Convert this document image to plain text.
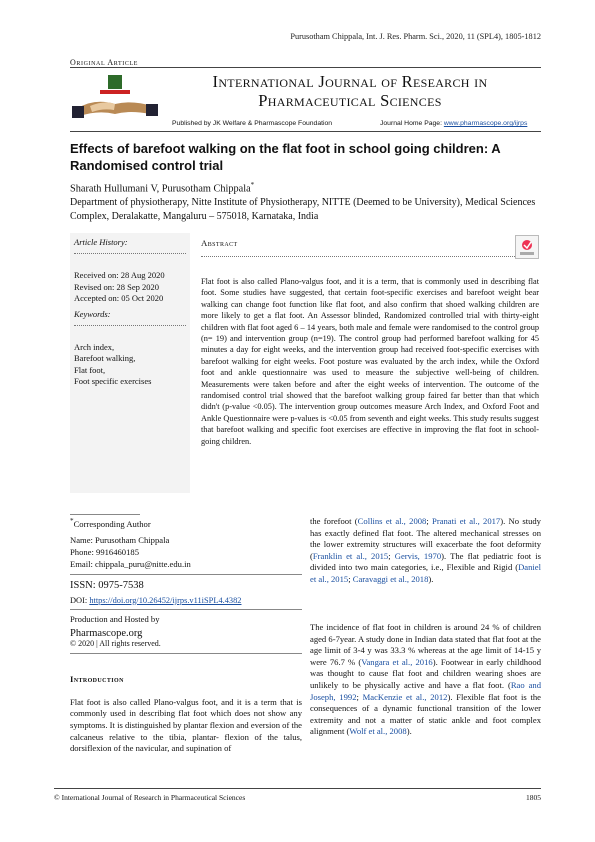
Purusotham Chippala, Int. J. Res. Pharm. Sci., 2020, 11 (SPL4), 1805-1812
Original Article
International Journal of Research in
Pharmaceutical Sciences
Published by JK Welfare & Pharmascope Foundation	Journal Home Page: www.pharmascope.org/ijrps
Effects of barefoot walking on the flat foot in school going children: A Randomised control trial
Sharath Hullumani V, Purusotham Chippala*
Department of physiotherapy, Nitte Institute of Physiotherapy, NITTE (Deemed to be University), Medical Sciences Complex, Deralakatte, Mangaluru – 575018, Karnataka, India
Article History:
Received on: 28 Aug 2020
Revised on: 28 Sep 2020
Accepted on: 05 Oct 2020
Keywords:
Arch index,
Barefoot walking,
Flat foot,
Foot specific exercises
Abstract
Flat foot is also called Plano-valgus foot, and it is a term, that is commonly used in describing flat foot. Some studies have suggested, that certain foot-specific exercises and barefoot weight bear walking can change foot function like flat foot, and also confirm that shoed walking children are more likely to get a flat foot. An Assessor blinded, Randomized controlled trial with thirty-eight children with flat foot aged 6 – 14 years, both male and female were randomised to the control group (n= 19) and intervention group (n=19). The control group had performed barefoot walking for 45 minutes a day for eight weeks, and the intervention group had received foot-specific exercises with barefoot walking for eight weeks. Foot posture was evaluated by the arch index, while the Oxford foot and ankle questionnaire was used to measure the subjective well-being of children. Measurements were taken before and after the eight weeks of intervention. The outcome of the randomised control trial showed that the barefoot walking group faired far better than that which didn't (p-value <0.05). The intervention group outcomes measure Arch Index, and Oxford Foot and Ankle Questionnaire were p-values is <0.05 from seventh and eight weeks. This study results suggest that barefoot walking and specific foot exercises are effective in improving the flat foot in school-going children.
*Corresponding Author
Name: Purusotham Chippala
Phone: 9916460185
Email: chippala_puru@nitte.edu.in
ISSN: 0975-7538
DOI: https://doi.org/10.26452/ijrps.v11iSPL4.4382
Production and Hosted by
Pharmascope.org
© 2020 | All rights reserved.
Introduction
Flat foot is also called Plano-valgus foot, and it is a term that is commonly used in describing flat foot which does not show any symptoms. It is distinguished by plantar flexion and eversion of the calcaneus relative to the tibia, plantar- flexion of the talus, dorsiflexion of the navicular, and supination of
the forefoot (Collins et al., 2008; Pranati et al., 2017). No study has exactly defined flat foot. The altered mechanical stresses on the lower extremity structures will exacerbate the foot deformity (Franklin et al., 2015; Gervis, 1970). The flat pediatric foot is divided into two main categories, i.e., Flexible and Rigid (Daniel et al., 2015; Caravaggi et al., 2018).
The incidence of flat foot in children is around 24 % of children aged 6-7year. A study done in Indian data stated that flat foot at the age limit of 3-4 y was 33.3 % whereas at the age limit of 14-15 y were 76.7 % (Vangara et al., 2016). Footwear in early childhood was thought to cause flat foot and children wearing shoes are unlikely to be physically active and have a flat foot. (Rao and Joseph, 1992; MacKenzie et al., 2012). Flexible flat foot is the consequences of a dynamic functional transition of the lower extremity and not a matter of static ankle and foot complex alignment (Wolf et al., 2008).
© International Journal of Research in Pharmaceutical Sciences	1805
